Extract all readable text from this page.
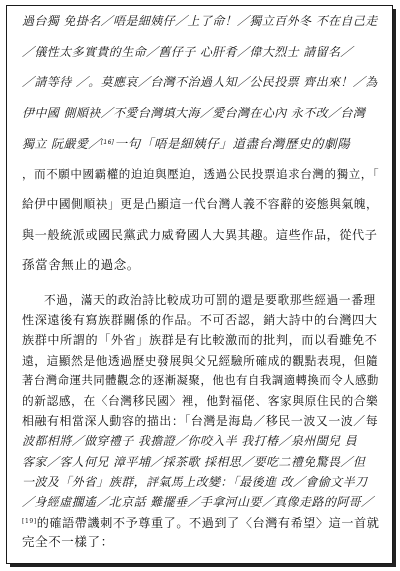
過台獨 免掛名／唔是細姨仔／上了命！／獨立百外冬 不在自己走
／儀性太多實貴的生命／舊仔子 心肝肴／偉大烈士 請留名／
／請等待 ／。莫應哀／台灣不治過人知／公民投票 齊出來！／為
伊中國 側順袂／不愛台灣填大海／愛台灣在心內 永不改／台灣
獨立 阮嚴愛／[16]一句「唔是細姨仔」道盡台灣歷史的劇陽
，而不願中國霸權的迫迫與壓迫，透過公民投票追求台灣的獨立，「
給伊中國側順袂」更是凸顯這一代台灣人義不容辭的姿態與氣魄，
與一般統派或國民黨武力威脅國人大異其趣。這些作品，從代子
孫當舍無止的過念。
不過，滿天的政治詩比較成功可罰的還是要歌那些經過一番理
性深遠後有寫族群關係的作品。不可否認，銷大詩中的台灣四大
族群中所謂的「外省」族群是有比較激而的批判，而以看雖免不
遠，這顯然是他透過歷史發展與父兄經驗所確成的觀點表現，但隨
著台灣命運共同體觀念的逐漸凝聚，他也有自我調適轉換而令人感動
的新認感，在〈台灣移民國〉裡，他對福佬、客家與原住民的合樂
相融有相當深人動容的描出：「台灣是海島／移民一波又一波／每
波都相將／做穿禮子 我擔證／你咬入半 我打椿／泉州閩兒 員
客家／客人何兄 漳平埔／採茶歌 採相思／要吃二禮免驚畏／但
一波及「外省」族群，評氣馬上改變：「最後進 改／會偷文半刀
／身經虛擱遙／北京話 難擺垂／手拿河山要／真像走路的阿哥／
[19]的確語帶譏刺不予尊重了。不過到了〈台灣有希望〉這一首就
完全不一樣了：
